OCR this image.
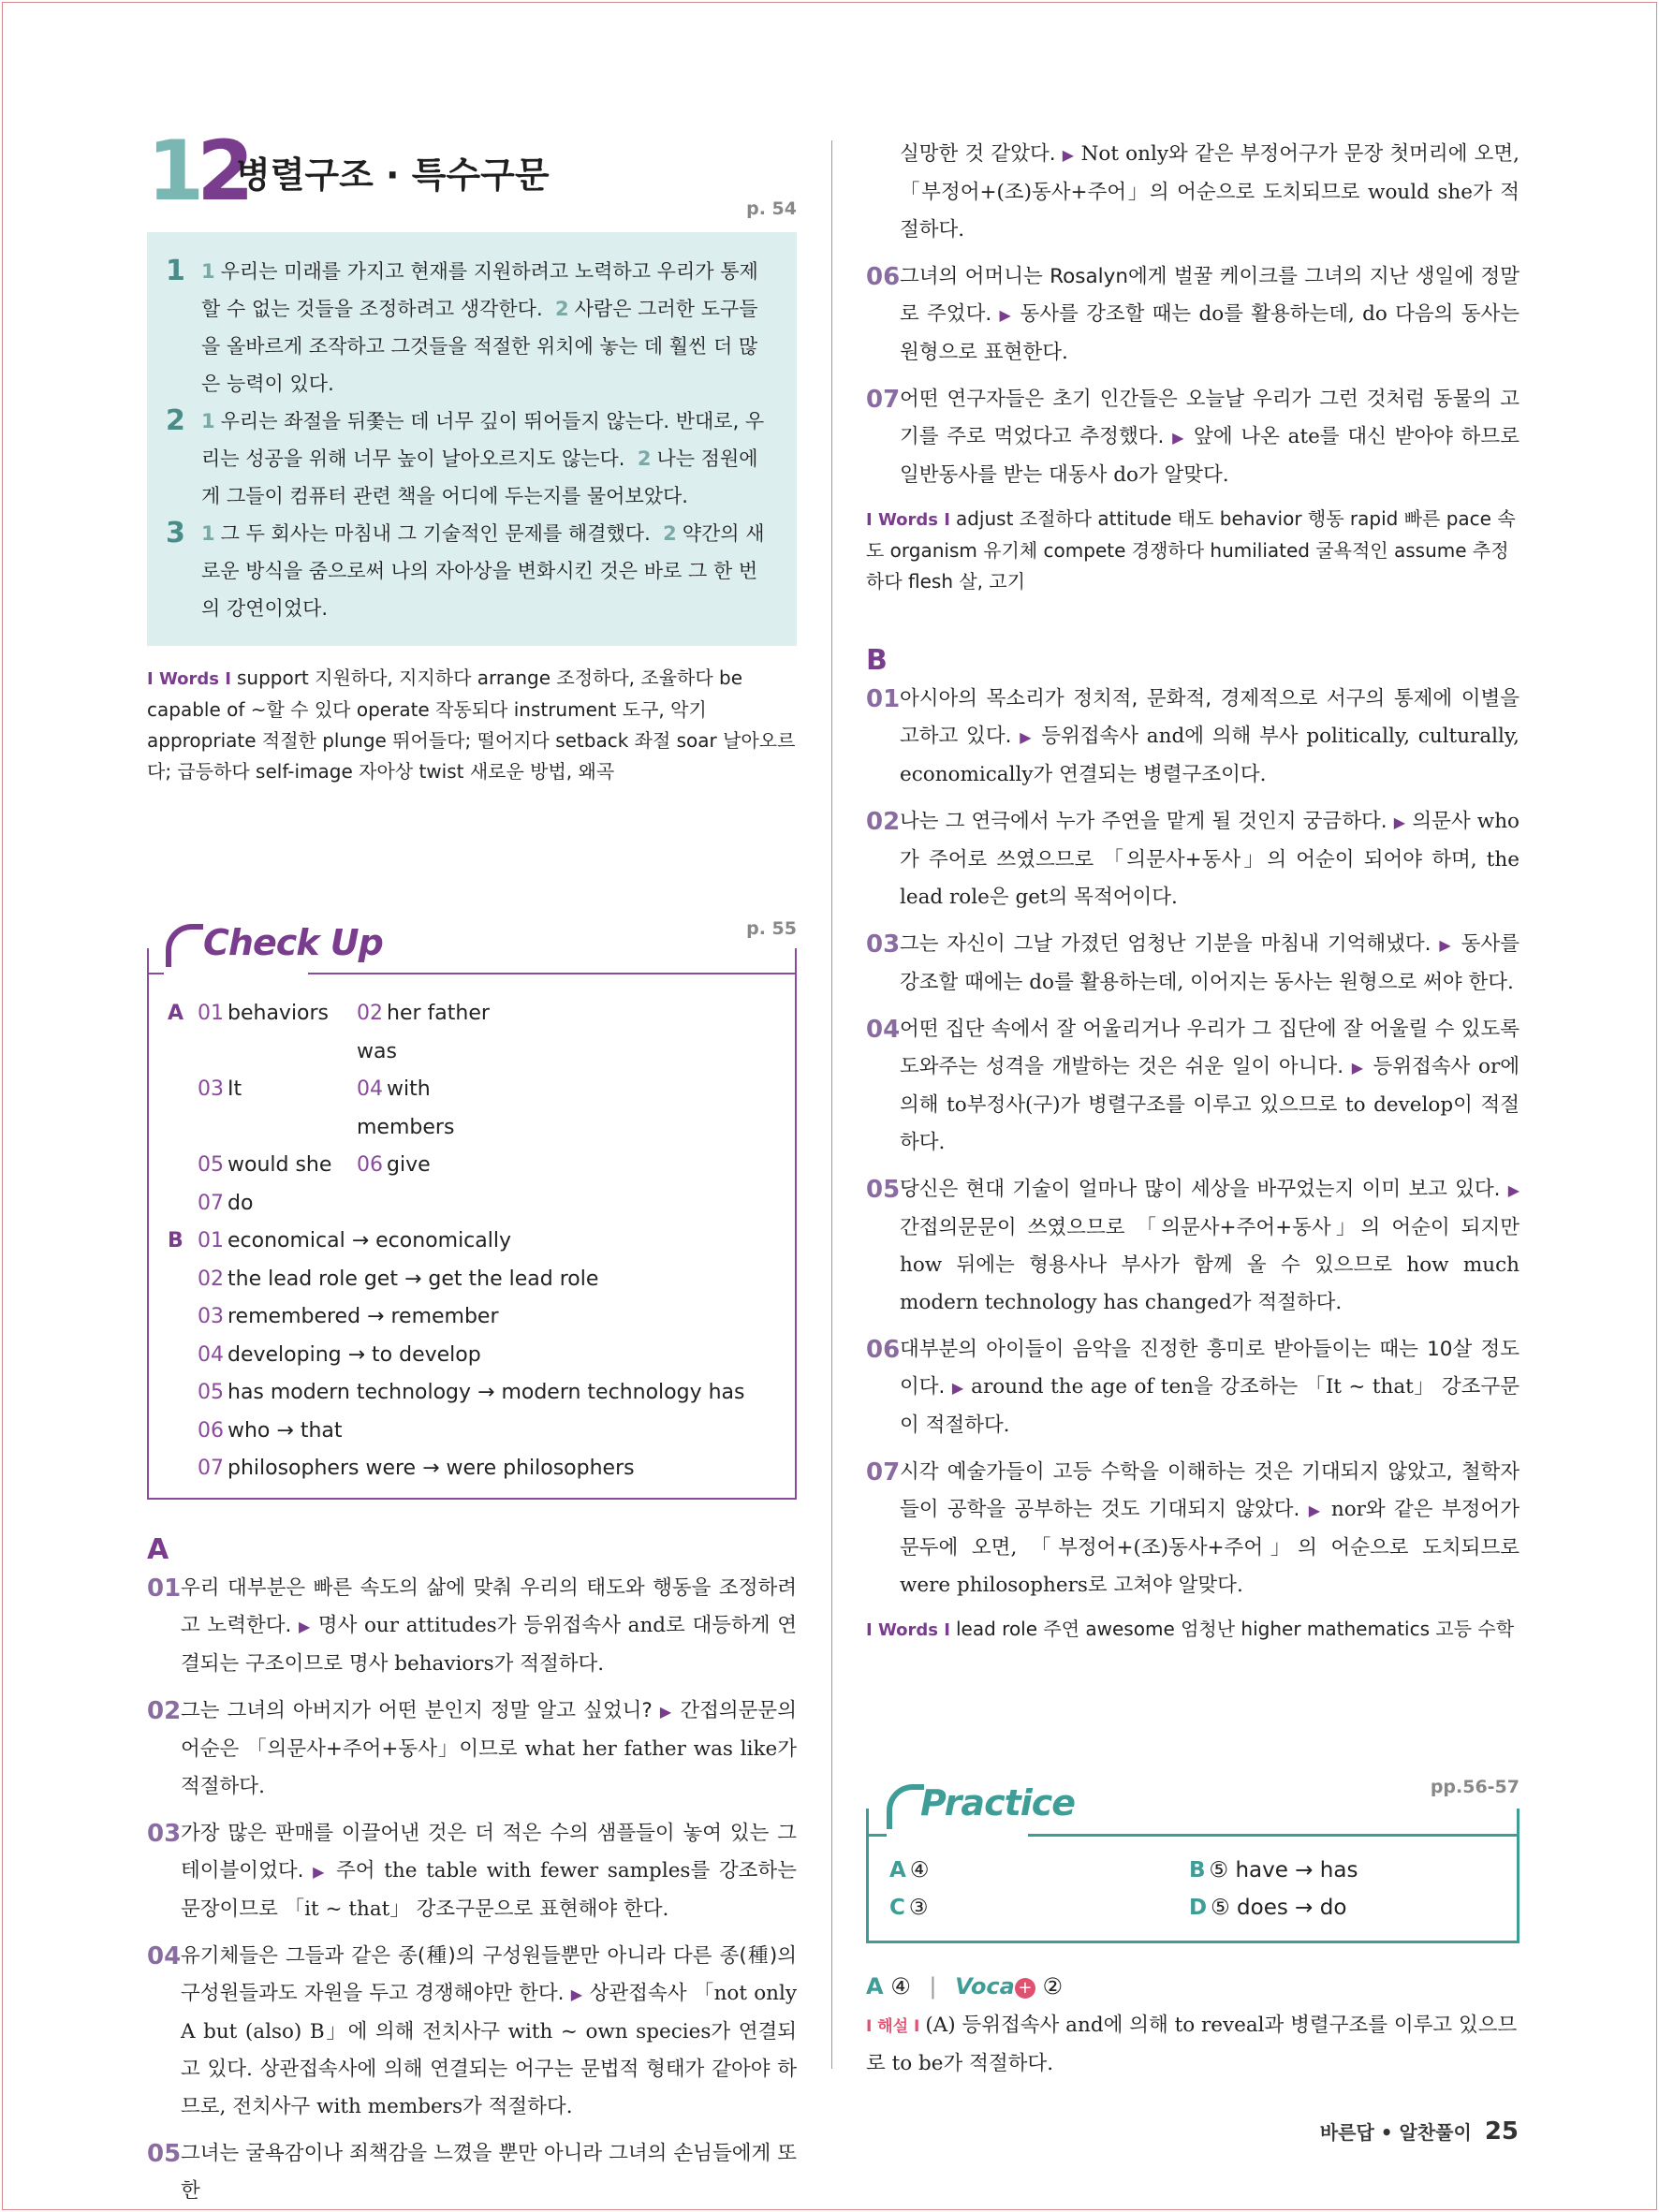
12
병렬구조 · 특수구문
p. 54
1 1 우리는 미래를 가지고 현재를 지원하려고 노력하고 우리가 통제할 수 없는 것들을 조정하려고 생각한다. 2 사람은 그러한 도구들을 올바르게 조작하고 그것들을 적절한 위치에 놓는 데 훨씬 더 많은 능력이 있다.
2 1 우리는 좌절을 뒤쫓는 데 너무 깊이 뛰어들지 않는다. 반대로, 우리는 성공을 위해 너무 높이 날아오르지도 않는다. 2 나는 점원에게 그들이 컴퓨터 관련 책을 어디에 두는지를 물어보았다.
3 1 그 두 회사는 마침내 그 기술적인 문제를 해결했다. 2 약간의 새로운 방식을 줌으로써 나의 자아상을 변화시킨 것은 바로 그 한 번의 강연이었다.
I Words I support 지원하다, 지지하다 arrange 조정하다, 조율하다 be capable of ~할 수 있다 operate 작동되다 instrument 도구, 악기 appropriate 적절한 plunge 뛰어들다; 떨어지다 setback 좌절 soar 날아오르다; 급등하다 self-image 자아상 twist 새로운 방법, 왜곡
Check Up	p. 55
A 01 behaviors	02 her father was
03 It	04 with members
05 would she	06 give
07 do
B 01 economical → economically
02 the lead role get → get the lead role
03 remembered → remember
04 developing → to develop
05 has modern technology → modern technology has
06 who → that
07 philosophers were → were philosophers
A
01 우리 대부분은 빠른 속도의 삶에 맞춰 우리의 태도와 행동을 조정하려고 노력한다. ▶ 명사 our attitudes가 등위접속사 and로 대등하게 연결되는 구조이므로 명사 behaviors가 적절하다.
02 그는 그녀의 아버지가 어떤 분인지 정말 알고 싶었니? ▶ 간접의문문의 어순은 「의문사+주어+동사」이므로 what her father was like가 적절하다.
03 가장 많은 판매를 이끌어낸 것은 더 적은 수의 샘플들이 놓여 있는 그 테이블이었다. ▶ 주어 the table with fewer samples를 강조하는 문장이므로 「it ~ that」 강조구문으로 표현해야 한다.
04 유기체들은 그들과 같은 종(種)의 구성원들뿐만 아니라 다른 종(種)의 구성원들과도 자원을 두고 경쟁해야만 한다. ▶ 상관접속사 「not only A but (also) B」에 의해 전치사구 with ~ own species가 연결되고 있다. 상관접속사에 의해 연결되는 어구는 문법적 형태가 같아야 하므로, 전치사구 with members가 적절하다.
05 그녀는 굴욕감이나 죄책감을 느꼈을 뿐만 아니라 그녀의 손님들에게 또한
실망한 것 같았다. ▶ Not only와 같은 부정어구가 문장 첫머리에 오면, 「부정어+(조)동사+주어」의 어순으로 도치되므로 would she가 적절하다.
06 그녀의 어머니는 Rosalyn에게 벌꿀 케이크를 그녀의 지난 생일에 정말로 주었다. ▶ 동사를 강조할 때는 do를 활용하는데, do 다음의 동사는 원형으로 표현한다.
07 어떤 연구자들은 초기 인간들은 오늘날 우리가 그런 것처럼 동물의 고기를 주로 먹었다고 추정했다. ▶ 앞에 나온 ate를 대신 받아야 하므로 일반동사를 받는 대동사 do가 알맞다.
I Words I adjust 조절하다 attitude 태도 behavior 행동 rapid 빠른 pace 속도 organism 유기체 compete 경쟁하다 humiliated 굴욕적인 assume 추정하다 flesh 살, 고기
B
01 아시아의 목소리가 정치적, 문화적, 경제적으로 서구의 통제에 이별을 고하고 있다. ▶ 등위접속사 and에 의해 부사 politically, culturally, economically가 연결되는 병렬구조이다.
02 나는 그 연극에서 누가 주연을 맡게 될 것인지 궁금하다. ▶ 의문사 who가 주어로 쓰였으므로 「의문사+동사」의 어순이 되어야 하며, the lead role은 get의 목적어이다.
03 그는 자신이 그날 가졌던 엄청난 기분을 마침내 기억해냈다. ▶ 동사를 강조할 때에는 do를 활용하는데, 이어지는 동사는 원형으로 써야 한다.
04 어떤 집단 속에서 잘 어울리거나 우리가 그 집단에 잘 어울릴 수 있도록 도와주는 성격을 개발하는 것은 쉬운 일이 아니다. ▶ 등위접속사 or에 의해 to부정사(구)가 병렬구조를 이루고 있으므로 to develop이 적절하다.
05 당신은 현대 기술이 얼마나 많이 세상을 바꾸었는지 이미 보고 있다. ▶ 간접의문문이 쓰였으므로 「의문사+주어+동사」의 어순이 되지만 how 뒤에는 형용사나 부사가 함께 올 수 있으므로 how much modern technology has changed가 적절하다.
06 대부분의 아이들이 음악을 진정한 흥미로 받아들이는 때는 10살 정도이다. ▶ around the age of ten을 강조하는 「It ~ that」 강조구문이 적절하다.
07 시각 예술가들이 고등 수학을 이해하는 것은 기대되지 않았고, 철학자들이 공학을 공부하는 것도 기대되지 않았다. ▶ nor와 같은 부정어가 문두에 오면, 「부정어+(조)동사+주어」의 어순으로 도치되므로 were philosophers로 고쳐야 알맞다.
I Words I lead role 주연 awesome 엄청난 higher mathematics 고등 수학
Practice	pp.56-57
A ④	B ⑤ have → has
C ③	D ⑤ does → do
A ④ | Voca + ②
I 해설 I (A) 등위접속사 and에 의해 to reveal과 병렬구조를 이루고 있으므로 to be가 적절하다.
바른답 • 알찬풀이 25
